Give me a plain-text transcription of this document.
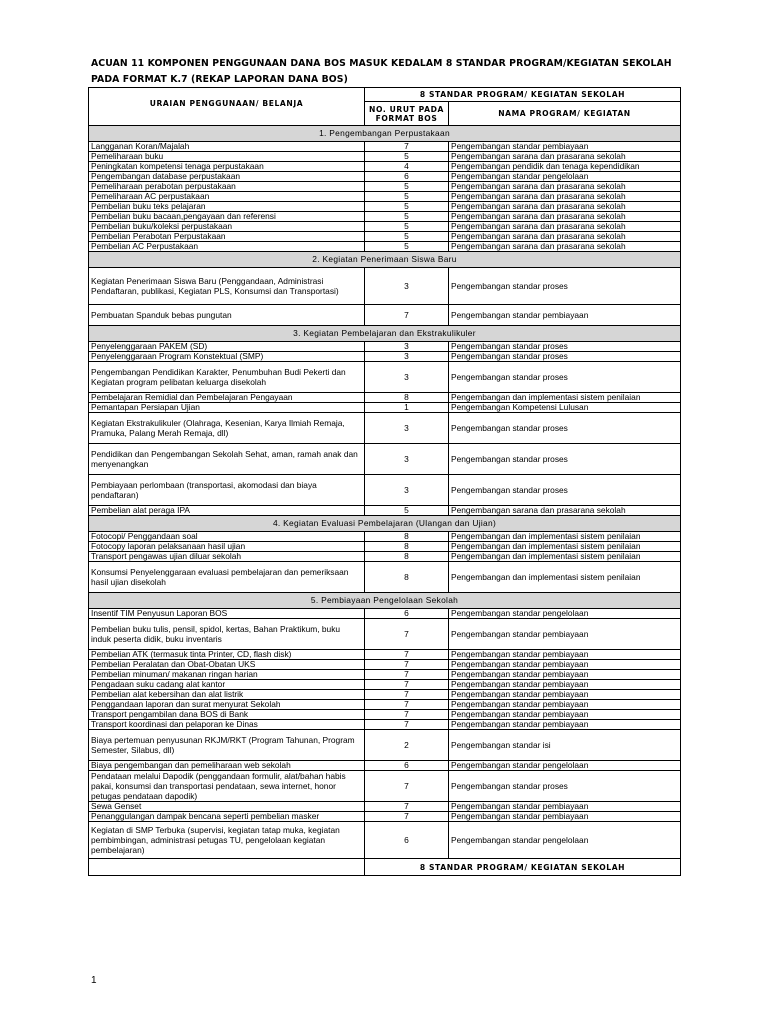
ACUAN 11 KOMPONEN PENGGUNAAN DANA BOS MASUK KEDALAM 8 STANDAR PROGRAM/KEGIATAN SEKOLAH
PADA FORMAT K.7 (REKAP LAPORAN DANA BOS)
URAIAN PENGGUNAAN/ BELANJA	8 STANDAR PROGRAM/ KEGIATAN SEKOLAH	
	NO. URUT PADA FORMAT BOS	NAMA PROGRAM/ KEGIATAN
1. Pengembangan Perpustakaan		
Langganan Koran/Majalah	7	Pengembangan standar pembiayaan
Pemeliharaan buku	5	Pengembangan sarana dan prasarana sekolah
Peningkatan kompetensi tenaga perpustakaan	4	Pengembangan pendidik dan tenaga kependidikan
Pengembangan database perpustakaan	6	Pengembangan standar pengelolaan
Pemeliharaan perabotan perpustakaan	5	Pengembangan sarana dan prasarana sekolah
Pemeliharaan AC perpustakaan	5	Pengembangan sarana dan prasarana sekolah
Pembelian buku teks pelajaran	5	Pengembangan sarana dan prasarana sekolah
Pembelian buku bacaan,pengayaan dan referensi	5	Pengembangan sarana dan prasarana sekolah
Pembelian buku/koleksi perpustakaan	5	Pengembangan sarana dan prasarana sekolah
Pembelian Perabotan Perpustakaan	5	Pengembangan sarana dan prasarana sekolah
Pembelian AC Perpustakaan	5	Pengembangan sarana dan prasarana sekolah
2. Kegiatan Penerimaan Siswa Baru		
Kegiatan Penerimaan Siswa Baru (Penggandaan, Administrasi Pendaftaran, publikasi, Kegiatan PLS, Konsumsi dan Transportasi)	3	Pengembangan standar proses
Pembuatan Spanduk bebas pungutan	7	Pengembangan standar pembiayaan
3. Kegiatan Pembelajaran dan Ekstrakulikuler		
Penyelenggaraan PAKEM (SD)	3	Pengembangan standar proses
Penyelenggaraan Program Konstektual (SMP)	3	Pengembangan standar proses
Pengembangan Pendidikan Karakter, Penumbuhan Budi Pekerti dan Kegiatan program pelibatan keluarga disekolah	3	Pengembangan standar proses
Pembelajaran Remidial dan Pembelajaran Pengayaan	8	Pengembangan dan implementasi sistem penilaian
Pemantapan Persiapan Ujian	1	Pengembangan Kompetensi Lulusan
Kegiatan Ekstrakulikuler (Olahraga, Kesenian, Karya Ilmiah Remaja, Pramuka, Palang Merah Remaja, dll)	3	Pengembangan standar proses
Pendidikan dan Pengembangan Sekolah Sehat, aman, ramah anak dan menyenangkan	3	Pengembangan standar proses
Pembiayaan perlombaan (transportasi, akomodasi dan biaya pendaftaran)	3	Pengembangan standar proses
Pembelian alat peraga IPA	5	Pengembangan sarana dan prasarana sekolah
4. Kegiatan Evaluasi Pembelajaran (Ulangan dan Ujian)		
Fotocopi/ Penggandaan soal	8	Pengembangan dan implementasi sistem penilaian
Fotocopy laporan pelaksanaan hasil ujian	8	Pengembangan dan implementasi sistem penilaian
Transport pengawas ujian diluar sekolah	8	Pengembangan dan implementasi sistem penilaian
Konsumsi Penyelenggaraan evaluasi pembelajaran dan pemeriksaan hasil ujian disekolah	8	Pengembangan dan implementasi sistem penilaian
5. Pembiayaan Pengelolaan Sekolah		
Insentif TIM Penyusun Laporan BOS	6	Pengembangan standar pengelolaan
Pembelian buku tulis, pensil, spidol, kertas, Bahan Praktikum, buku induk peserta didik, buku inventaris	7	Pengembangan standar pembiayaan
Pembelian ATK (termasuk tinta Printer, CD, flash disk)	7	Pengembangan standar pembiayaan
Pembelian Peralatan dan Obat-Obatan UKS	7	Pengembangan standar pembiayaan
Pembelian minuman/ makanan ringan harian	7	Pengembangan standar pembiayaan
Pengadaan suku cadang alat kantor	7	Pengembangan standar pembiayaan
Pembelian alat kebersihan dan alat listrik	7	Pengembangan standar pembiayaan
Penggandaan laporan dan surat menyurat Sekolah	7	Pengembangan standar pembiayaan
Transport pengambilan dana BOS di Bank	7	Pengembangan standar pembiayaan
Transport koordinasi dan pelaporan ke Dinas	7	Pengembangan standar pembiayaan
Biaya pertemuan penyusunan RKJM/RKT (Program Tahunan, Program Semester, Silabus, dll)	2	Pengembangan standar isi
Biaya pengembangan dan pemeliharaan web sekolah	6	Pengembangan standar pengelolaan
Pendataan melalui Dapodik (penggandaan formulir, alat/bahan habis pakai, konsumsi dan transportasi pendataan, sewa internet, honor petugas pendataan dapodik)	7	Pengembangan standar proses
Sewa Genset	7	Pengembangan standar pembiayaan
Penanggulangan dampak bencana seperti pembelian masker	7	Pengembangan standar pembiayaan
Kegiatan di SMP Terbuka (supervisi, kegiatan tatap muka, kegiatan pembimbingan, administrasi petugas TU, pengelolaan kegiatan pembelajaran)	6	Pengembangan standar pengelolaan
	8 STANDAR PROGRAM/ KEGIATAN SEKOLAH	
1
